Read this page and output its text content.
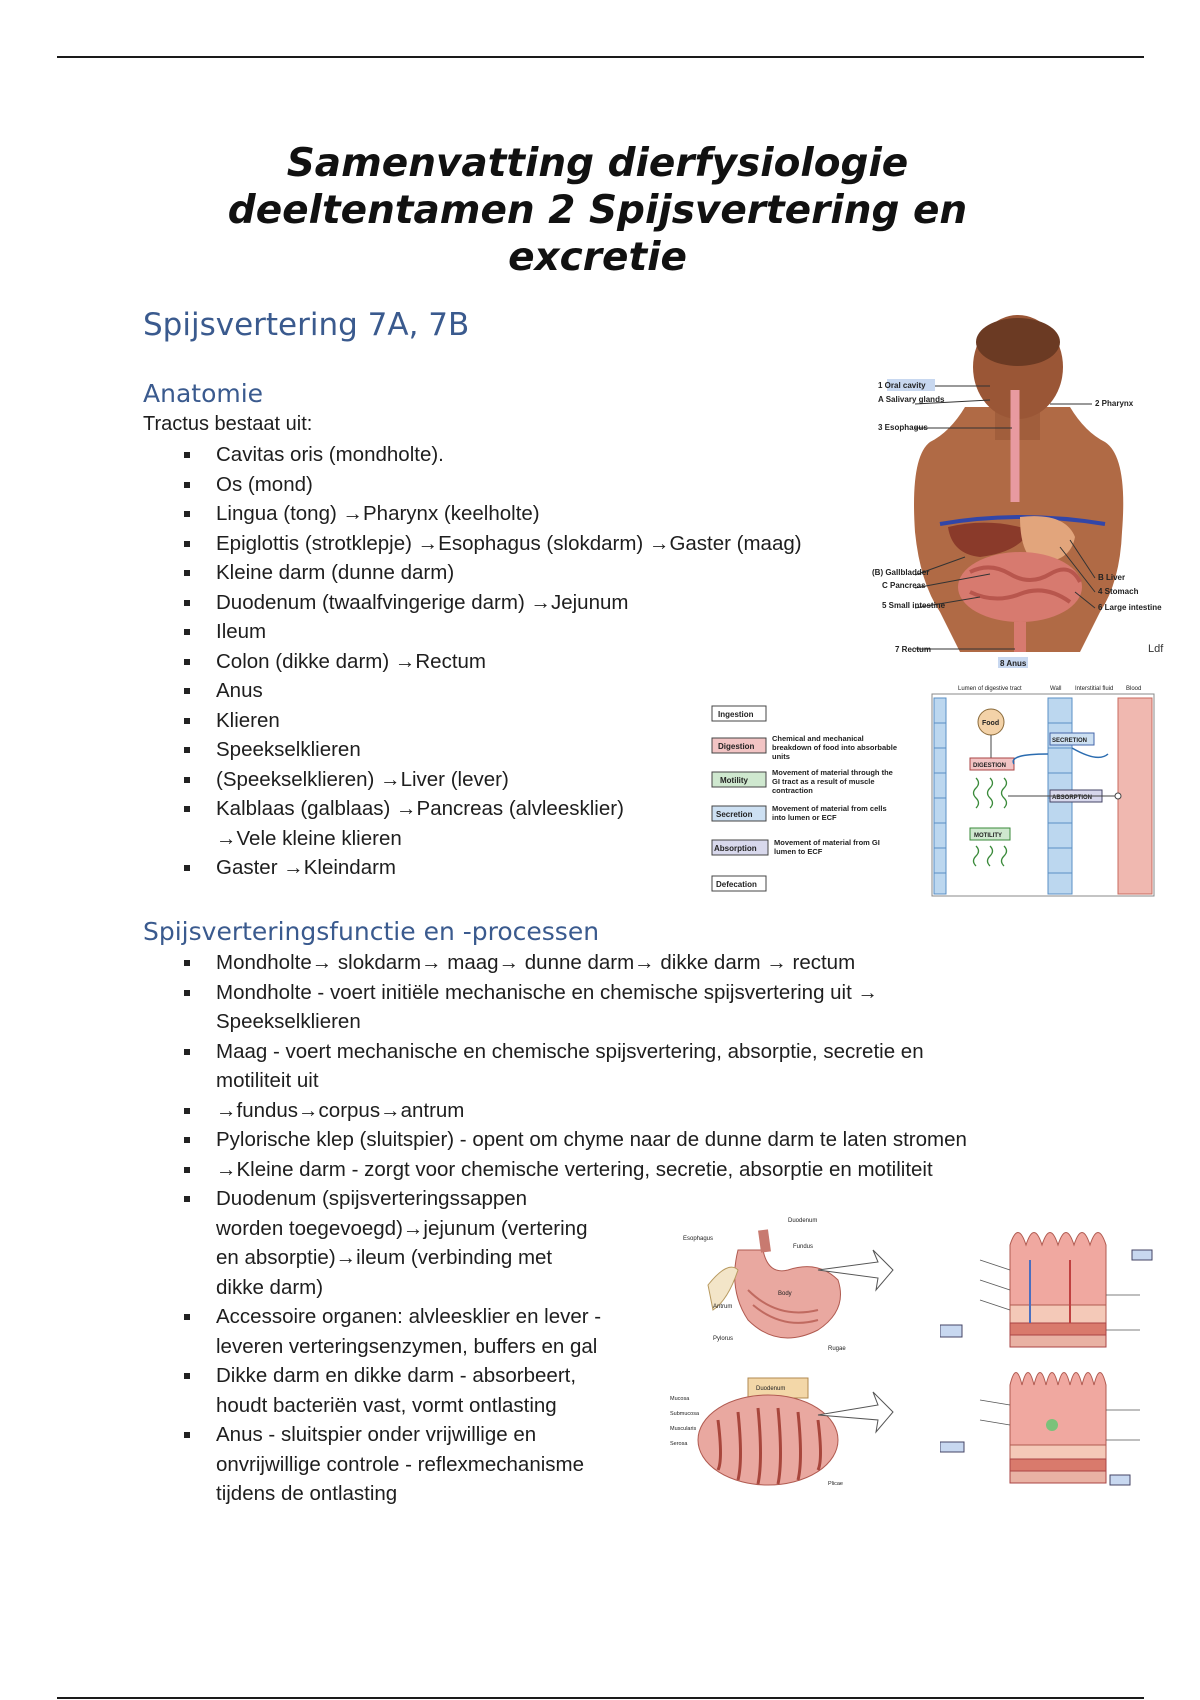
Samenvatting dierfysiologie
deeltentamen 2 Spijsvertering en
excretie
Spijsvertering 7A, 7B
Anatomie
Tractus bestaat uit:
Cavitas oris (mondholte).
Os (mond)
Lingua (tong) →Pharynx (keelholte)
Epiglottis (strotklepje) →Esophagus (slokdarm) →Gaster (maag)
Kleine darm (dunne darm)
Duodenum (twaalfvingerige darm) →Jejunum
Ileum
Colon (dikke darm) →Rectum
Anus
Klieren
Speekselklieren
(Speekselklieren) →Liver (lever)
Kalblaas (galblaas) →Pancreas (alvleesklier)
→Vele kleine klieren
Gaster →Kleindarm
1 Oral cavity
A Salivary glands
3 Esophagus
(B) Gallbladder
C Pancreas
5 Small intestine
7 Rectum
2 Pharynx
B Liver
4 Stomach
6 Large intestine
8 Anus
Ldf
Ingestion
Digestion
Motility
Secretion
Absorption
Defecation
Chemical and mechanical breakdown of food into absorbable units
Movement of material through the GI tract as a result of muscle contraction
Movement of material from cells into lumen or ECF
Movement of material from GI lumen to ECF
Lumen of digestive tract	Wall Interstitial fluid Blood
Food
DIGESTION
SECRETION
ABSORPTION
MOTILITY
Spijsverteringsfunctie en -processen
Mondholte→ slokdarm→ maag→ dunne darm→ dikke darm → rectum
Mondholte - voert initiële mechanische en chemische spijsvertering uit →
Speekselklieren
Maag - voert mechanische en chemische spijsvertering, absorptie, secretie en
motiliteit uit
→fundus→corpus→antrum
Pylorische klep (sluitspier) - opent om chyme naar de dunne darm te laten stromen
→Kleine darm - zorgt voor chemische vertering, secretie, absorptie en motiliteit
Duodenum (spijsverteringssappen
worden toegevoegd)→jejunum (vertering
en absorptie)→ileum (verbinding met
dikke darm)
Accessoire organen: alvleesklier en lever -
leveren verteringsenzymen, buffers en gal
Dikke darm en dikke darm - absorbeert,
houdt bacteriën vast, vormt ontlasting
Anus - sluitspier onder vrijwillige en
onvrijwillige controle - reflexmechanisme
tijdens de ontlasting
Esophagus
Duodenum
Fundus
Body
Antrum
Pylorus
Rugae
Duodenum
Mucosa
Submucosa
Muscularis
Serosa
Plicae
